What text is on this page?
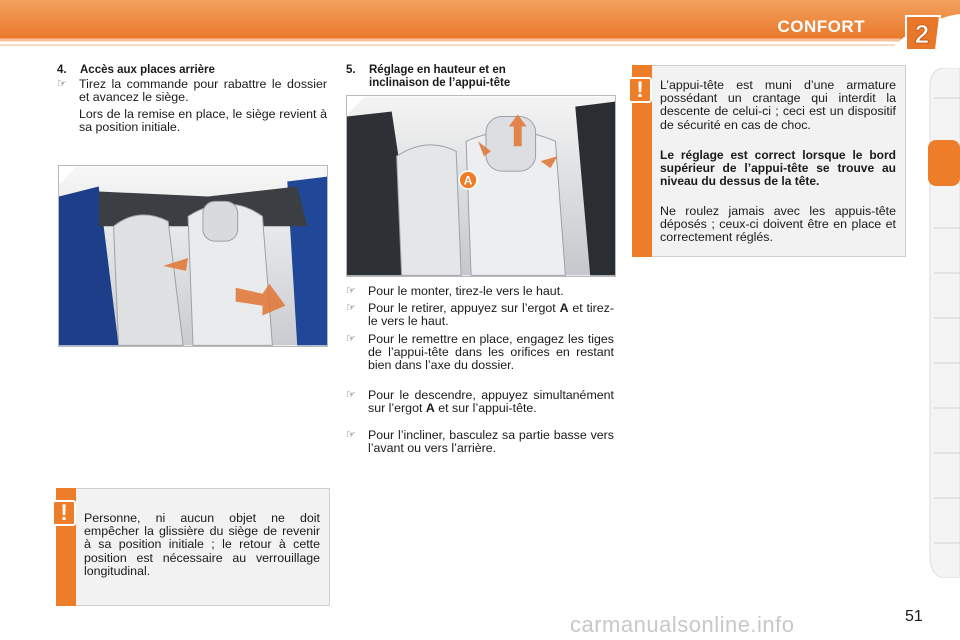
CONFORT 2
4. Accès aux places arrière
☞ Tirez la commande pour rabattre le dossier et avancez le siège.
Lors de la remise en place, le siège revient à sa position initiale.
5. Réglage en hauteur et en
inclinaison de l’appui-tête
A
☞ Pour le monter, tirez-le vers le haut.
☞ Pour le retirer, appuyez sur l’ergot A et tirez-le vers le haut.
☞ Pour le remettre en place, engagez les tiges de l’appui-tête dans les orifices en restant bien dans l’axe du dossier.
☞ Pour le descendre, appuyez simultanément sur l’ergot A et sur l’appui-tête.
☞ Pour l’incliner, basculez sa partie basse vers l’avant ou vers l’arrière.
!	L’appui-tête est muni d’une armature possédant un crantage qui interdit la descente de celui-ci ; ceci est un dispositif de sécurité en cas de choc.
Le réglage est correct lorsque le bord supérieur de l’appui-tête se trouve au niveau du dessus de la tête.
Ne roulez jamais avec les appuis-tête déposés ; ceux-ci doivent être en place et correctement réglés.
!	Personne, ni aucun objet ne doit empêcher la glissière du siège de revenir à sa position initiale ; le retour à cette position est nécessaire au verrouillage longitudinal.
carmanualsonline.info	51
